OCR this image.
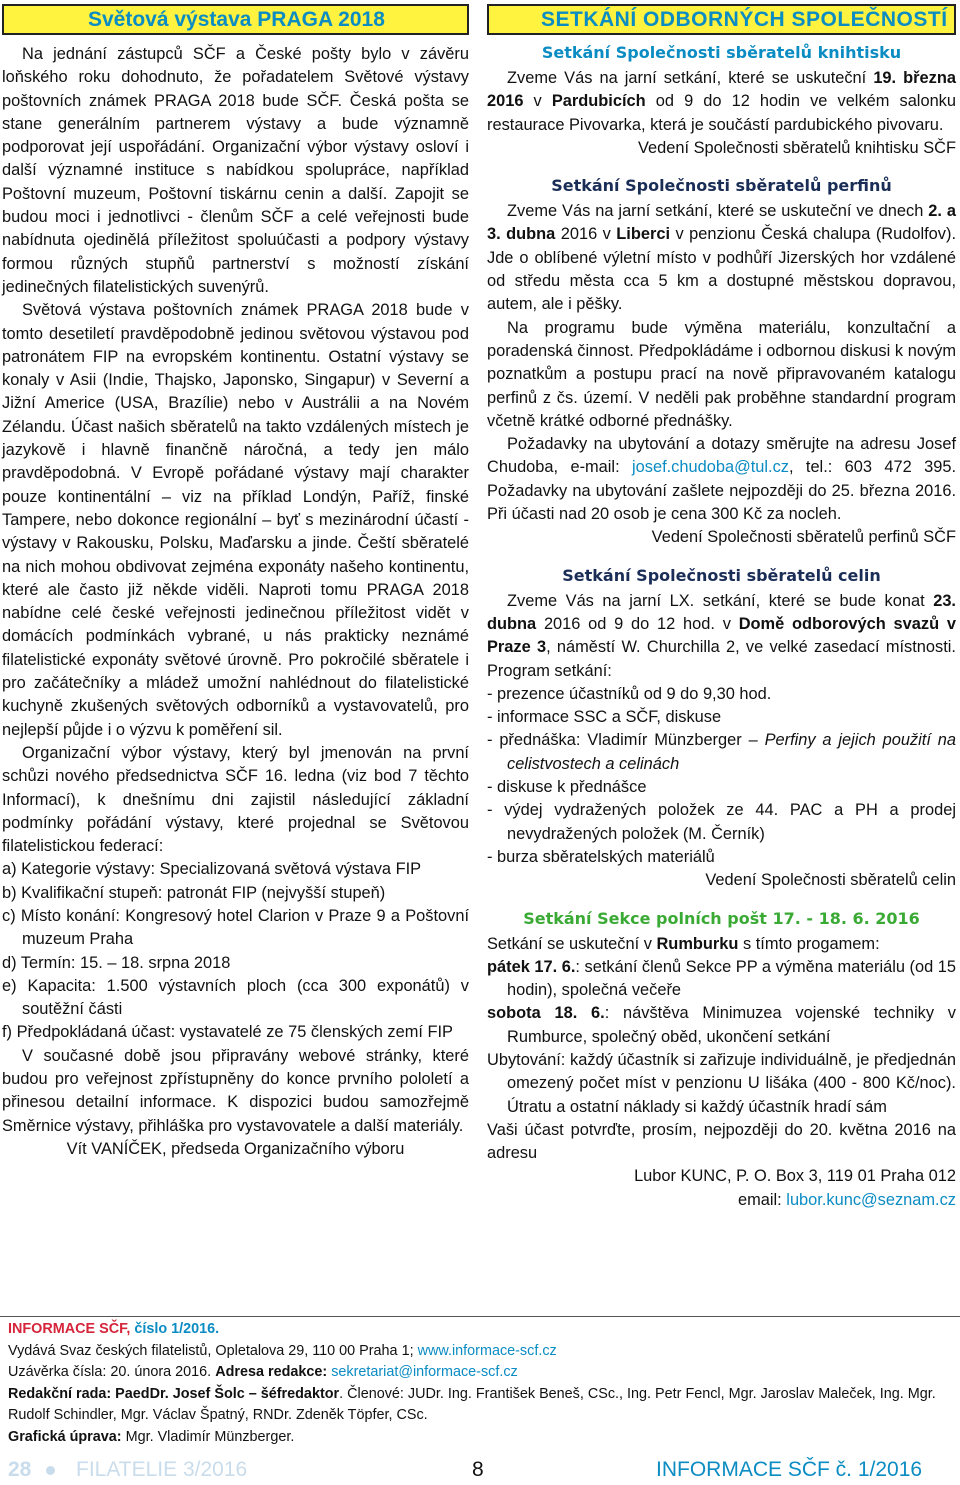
Světová výstava PRAGA 2018

Na jednání zástupců SČF a České pošty bylo v závěru loňského roku dohodnuto, že pořadatelem Světové výstavy poštovních známek PRAGA 2018 bude SČF. Česká pošta se stane generálním partnerem výstavy a bude významně podporovat její uspořádání. Organizační výbor výstavy osloví i další významné instituce s nabídkou spolupráce, například Poštovní muzeum, Poštovní tiskárnu cenin a další. Zapojit se budou moci i jednotlivci - členům SČF a celé veřejnosti bude nabídnuta ojedinělá příležitost spoluúčasti a podpory výstavy formou různých stupňů partnerství s možností získání jedinečných filatelistických suvenýrů.

Světová výstava poštovních známek PRAGA 2018 bude v tomto desetiletí pravděpodobně jedinou světovou výstavou pod patronátem FIP na evropském kontinentu. Ostatní výstavy se konaly v Asii (Indie, Thajsko, Japonsko, Singapur) v Severní a Jižní Americe (USA, Brazílie) nebo v Austrálii a na Novém Zélandu. Účast našich sběratelů na takto vzdálených místech je jazykově i hlavně finančně náročná, a tedy jen málo pravděpodobná. V Evropě pořádané výstavy mají charakter pouze kontinentální – viz na příklad Londýn, Paříž, finské Tampere, nebo dokonce regionální – byť s mezinárodní účastí - výstavy v Rakousku, Polsku, Maďarsku a jinde. Čeští sběratelé na nich mohou obdivovat zejména exponáty našeho kontinentu, které ale často již někde viděli. Naproti tomu PRAGA 2018 nabídne celé české veřejnosti jedinečnou příležitost vidět v domácích podmínkách vybrané, u nás prakticky neznámé filatelistické exponáty světové úrovně. Pro pokročilé sběratele i pro začátečníky a mládež umožní nahlédnout do filatelistické kuchyně zkušených světových odborníků a vystavovatelů, pro nejlepší půjde i o výzvu k poměření sil.

Organizační výbor výstavy, který byl jmenován na první schůzi nového předsednictva SČF 16. ledna (viz bod 7 těchto Informací), k dnešnímu dni zajistil následující základní podmínky pořádání výstavy, které projednal se Světovou filatelistickou federací:

a) Kategorie výstavy: Specializovaná světová výstava FIP
b) Kvalifikační stupeň: patronát FIP (nejvyšší stupeň)
c) Místo konání: Kongresový hotel Clarion v Praze 9 a Poštovní muzeum Praha
d) Termín: 15. – 18. srpna 2018
e) Kapacita: 1.500 výstavních ploch (cca 300 exponátů) v soutěžní části
f) Předpokládaná účast: vystavatelé ze 75 členských zemí FIP

V současné době jsou připravány webové stránky, které budou pro veřejnost zpřístupněny do konce prvního pololetí a přinesou detailní informace. K dispozici budou samozřejmě Směrnice výstavy, přihláška pro vystavovatele a další materiály.

Vít VANÍČEK, předseda Organizačního výboru

SETKÁNÍ ODBORNÝCH SPOLEČNOSTÍ
Setkání Společnosti sběratelů knihtisku

Zveme Vás na jarní setkání, které se uskuteční 19. března 2016 v Pardubicích od 9 do 12 hodin ve velkém salonku restaurace Pivovarka, která je součástí pardubického pivovaru.

Vedení Společnosti sběratelů knihtisku SČF

Setkání Společnosti sběratelů perfinů

Zveme Vás na jarní setkání, které se uskuteční ve dnech 2. a 3. dubna 2016 v Liberci v penzionu Česká chalupa (Rudolfov). Jde o oblíbené výletní místo v podhůří Jizerských hor vzdálené od středu města cca 5 km a dostupné městskou dopravou, autem, ale i pěšky.

Na programu bude výměna materiálu, konzultační a poradenská činnost. Předpokládáme i odbornou diskusi k novým poznatkům a postupu prací na nově připravovaném katalogu perfinů z čs. území. V neděli pak proběhne standardní program včetně krátké odborné přednášky.

Požadavky na ubytování a dotazy směrujte na adresu Josef Chudoba, e-mail: josef.chudoba@tul.cz, tel.: 603 472 395. Požadavky na ubytování zašlete nejpozději do 25. března 2016. Při účasti nad 20 osob je cena 300 Kč za nocleh.

Vedení Společnosti sběratelů perfinů SČF

Setkání Společnosti sběratelů celin

Zveme Vás na jarní LX. setkání, které se bude konat 23. dubna 2016 od 9 do 12 hod. v Domě odborových svazů v Praze 3, náměstí W. Churchilla 2, ve velké zasedací místnosti. Program setkání:

- prezence účastníků od 9 do 9,30 hod.
- informace SSC a SČF, diskuse
- přednáška: Vladimír Münzberger – Perfiny a jejich použití na celistvostech a celinách
- diskuse k přednášce
- výdej vydražených položek ze 44. PAC a PH a prodej nevydražených položek (M. Černík)
- burza sběratelských materiálů

Vedení Společnosti sběratelů celin

Setkání Sekce polních pošt 17. - 18. 6. 2016

Setkání se uskuteční v Rumburku s tímto progamem:

pátek 17. 6.: setkání členů Sekce PP a výměna materiálu (od 15 hodin), společná večeře
sobota 18. 6.: návštěva Minimuzea vojenské techniky v Rumburce, společný oběd, ukončení setkání
Ubytování: každý účastník si zařizuje individuálně, je předjednán omezený počet míst v penzionu U lišáka (400 - 800 Kč/noc). Útratu a ostatní náklady si každý účastník hradí sám

Vaši účast potvrďte, prosím, nejpozději do 20. května 2016 na adresu

Lubor KUNC, P. O. Box 3, 119 01 Praha 012

email: lubor.kunc@seznam.cz

INFORMACE SČF, číslo 1/2016.
Vydává Svaz českých filatelistů, Opletalova 29, 110 00 Praha 1; www.informace-scf.cz
Uzávěrka čísla: 20. února 2016. Adresa redakce: sekretariat@informace-scf.cz
Redakční rada: PaedDr. Josef Šolc – šéfredaktor. Členové: JUDr. Ing. František Beneš, CSc., Ing. Petr Fencl, Mgr. Jaroslav Maleček, Ing. Mgr. Rudolf Schindler, Mgr. Václav Špatný, RNDr. Zdeněk Töpfer, CSc.
Grafická úprava: Mgr. Vladimír Münzberger.
28 FILATELIE 3/2016	8	INFORMACE SČF č. 1/2016
